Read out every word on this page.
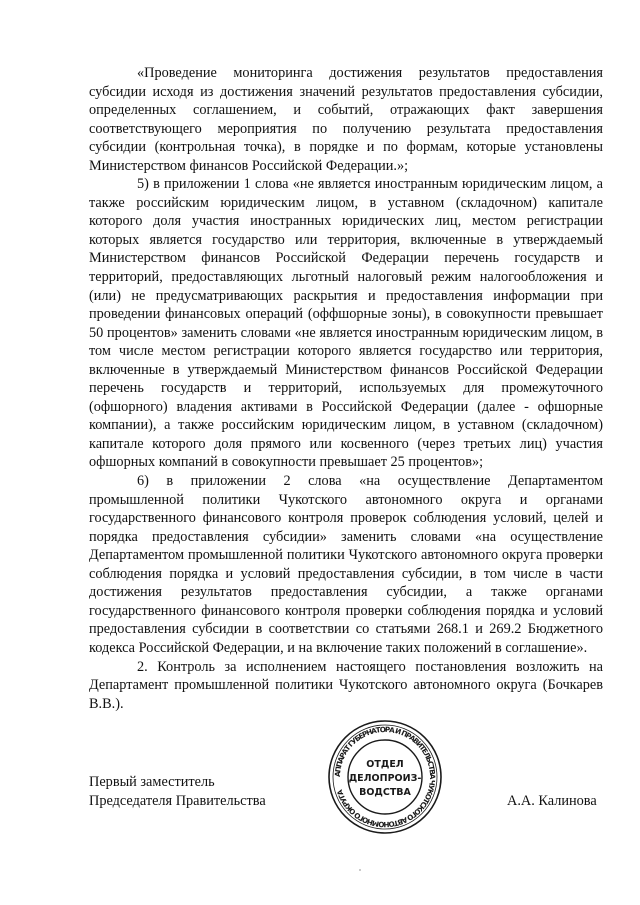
«Проведение мониторинга достижения результатов предоставления субсидии исходя из достижения значений результатов предоставления субсидии, определенных соглашением, и событий, отражающих факт завершения соответствующего мероприятия по получению результата предоставления субсидии (контрольная точка), в порядке и по формам, которые установлены Министерством финансов Российской Федерации.»;

5) в приложении 1 слова «не является иностранным юридическим лицом, а также российским юридическим лицом, в уставном (складочном) капитале которого доля участия иностранных юридических лиц, местом регистрации которых является государство или территория, включенные в утверждаемый Министерством финансов Российской Федерации перечень государств и территорий, предоставляющих льготный налоговый режим налогообложения и (или) не предусматривающих раскрытия и предоставления информации при проведении финансовых операций (оффшорные зоны), в совокупности превышает 50 процентов» заменить словами «не является иностранным юридическим лицом, в том числе местом регистрации которого является государство или территория, включенные в утверждаемый Министерством финансов Российской Федерации перечень государств и территорий, используемых для промежуточного (офшорного) владения активами в Российской Федерации (далее - офшорные компании), а также российским юридическим лицом, в уставном (складочном) капитале которого доля прямого или косвенного (через третьих лиц) участия офшорных компаний в совокупности превышает 25 процентов»;

6) в приложении 2 слова «на осуществление Департаментом промышленной политики Чукотского автономного округа и органами государственного финансового контроля проверок соблюдения условий, целей и порядка предоставления субсидии» заменить словами «на осуществление Департаментом промышленной политики Чукотского автономного округа проверки соблюдения порядка и условий предоставления субсидии, в том числе в части достижения результатов предоставления субсидии, а также органами государственного финансового контроля проверки соблюдения порядка и условий предоставления субсидии в соответствии со статьями 268.1 и 269.2 Бюджетного кодекса Российской Федерации, и на включение таких положений в соглашение».

2. Контроль за исполнением настоящего постановления возложить на Департамент промышленной политики Чукотского автономного округа (Бочкарев В.В.).

Первый заместитель
Председателя Правительства	А.А. Калинова
АППАРАТ ГУБЕРНАТОРА И ПРАВИТЕЛЬСТВА ЧУКОТСКОГО АВТОНОМНОГО ОКРУГА
ОТДЕЛ
ДЕЛОПРОИЗ-
ВОДСТВА
